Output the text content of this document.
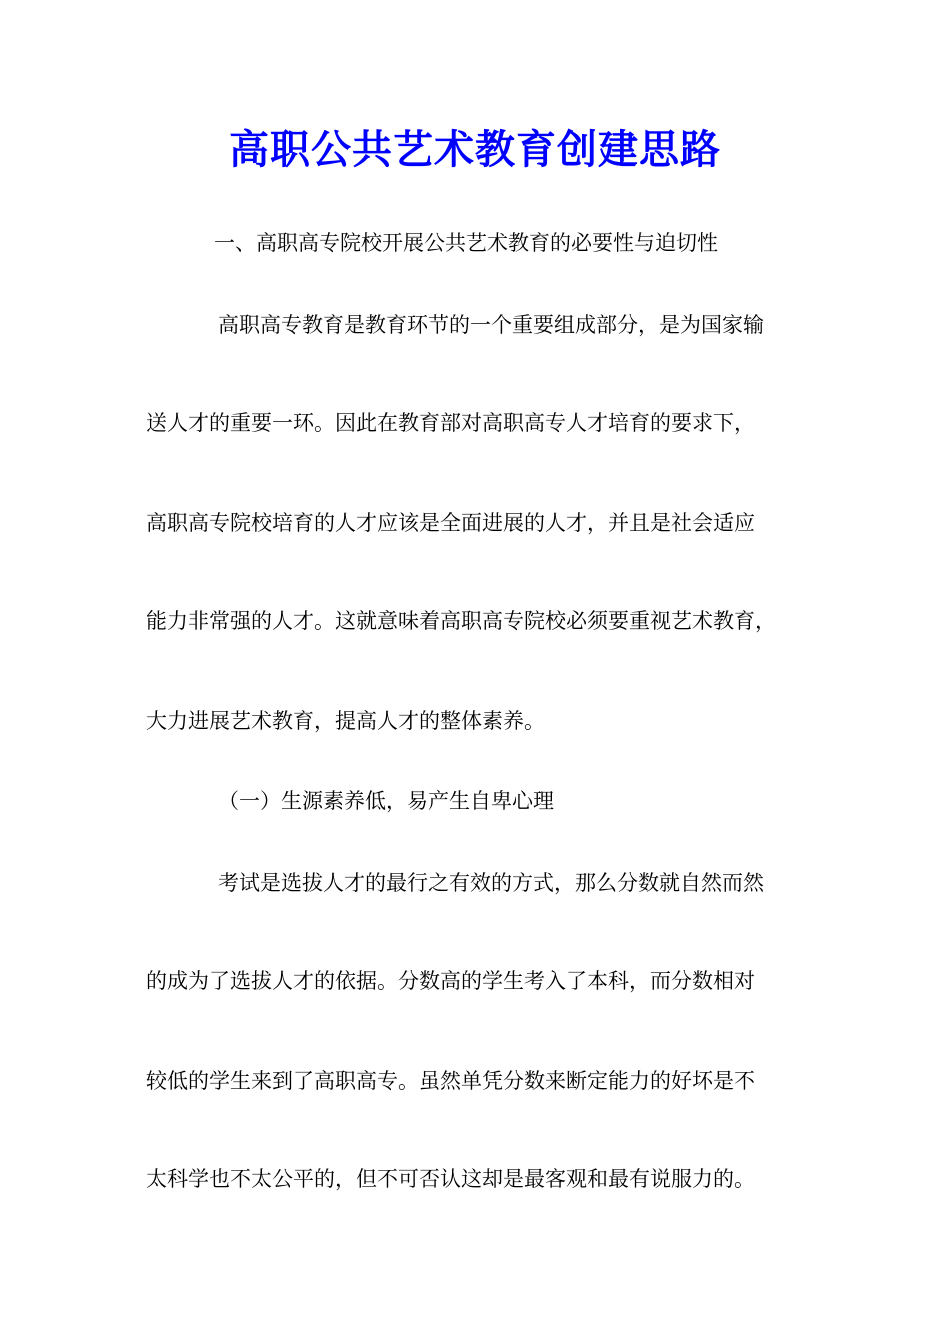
高职公共艺术教育创建思路
一、高职高专院校开展公共艺术教育的必要性与迫切性
高职高专教育是教育环节的一个重要组成部分，是为国家输
送人才的重要一环。因此在教育部对高职高专人才培育的要求下，
高职高专院校培育的人才应该是全面进展的人才，并且是社会适应
能力非常强的人才。这就意味着高职高专院校必须要重视艺术教育，
大力进展艺术教育，提高人才的整体素养。
（一）生源素养低，易产生自卑心理
考试是选拔人才的最行之有效的方式，那么分数就自然而然
的成为了选拔人才的依据。分数高的学生考入了本科，而分数相对
较低的学生来到了高职高专。虽然单凭分数来断定能力的好坏是不
太科学也不太公平的，但不可否认这却是最客观和最有说服力的。
